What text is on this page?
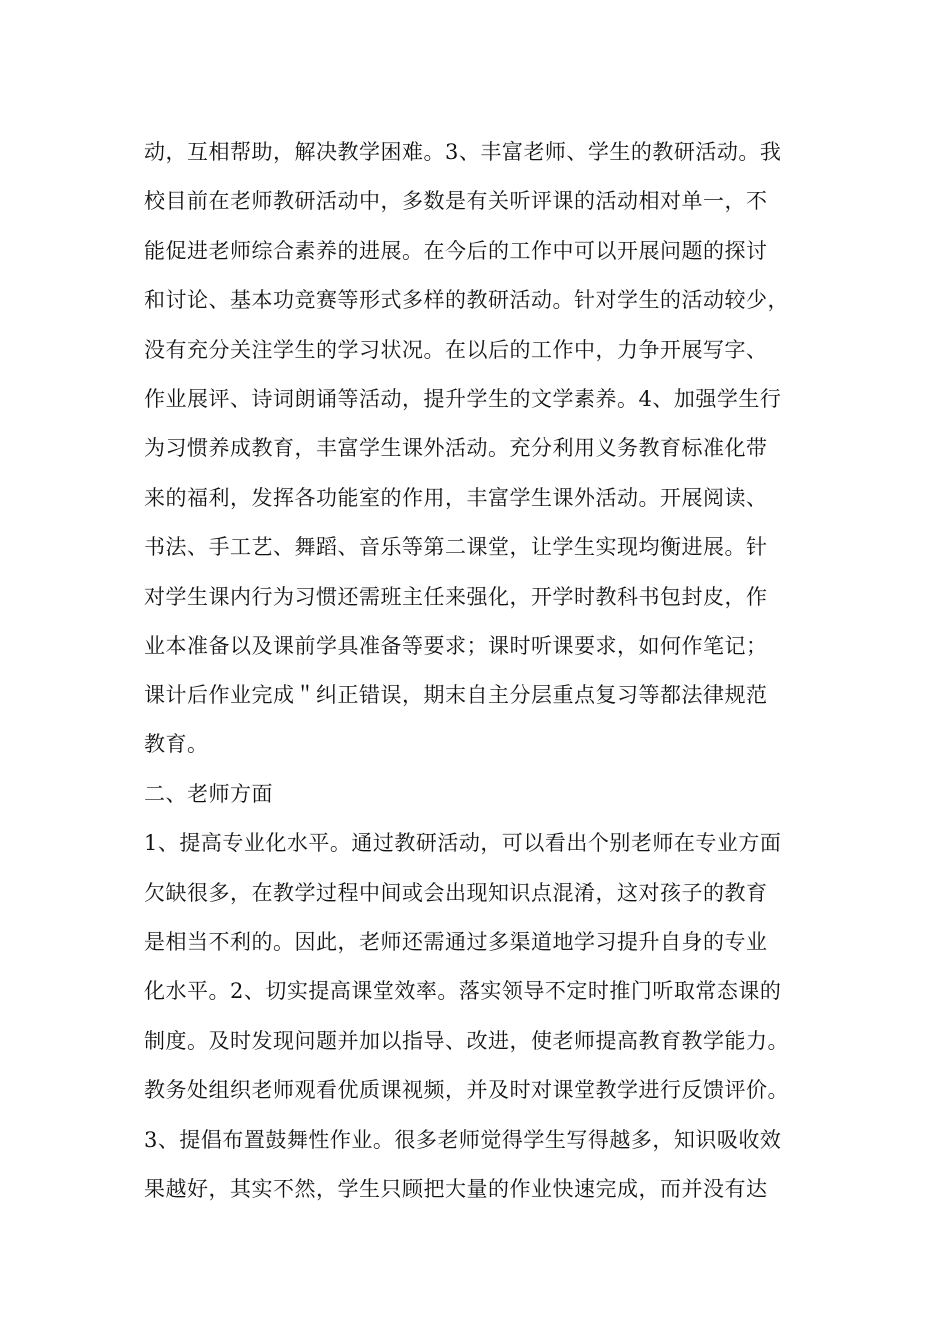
动，互相帮助，解决教学困难。3、丰富老师、学生的教研活动。我
校目前在老师教研活动中，多数是有关听评课的活动相对单一，不
能促进老师综合素养的进展。在今后的工作中可以开展问题的探讨
和讨论、基本功竞赛等形式多样的教研活动。针对学生的活动较少，
没有充分关注学生的学习状况。在以后的工作中，力争开展写字、
作业展评、诗词朗诵等活动，提升学生的文学素养。4、加强学生行
为习惯养成教育，丰富学生课外活动。充分利用义务教育标准化带
来的福利，发挥各功能室的作用，丰富学生课外活动。开展阅读、
书法、手工艺、舞蹈、音乐等第二课堂，让学生实现均衡进展。针
对学生课内行为习惯还需班主任来强化，开学时教科书包封皮，作
业本准备以及课前学具准备等要求；课时听课要求，如何作笔记；
课计后作业完成＂纠正错误，期末自主分层重点复习等都法律规范
教育。
二、老师方面
1、提高专业化水平。通过教研活动，可以看出个别老师在专业方面
欠缺很多，在教学过程中间或会出现知识点混淆，这对孩子的教育
是相当不利的。因此，老师还需通过多渠道地学习提升自身的专业
化水平。2、切实提高课堂效率。落实领导不定时推门听取常态课的
制度。及时发现问题并加以指导、改进，使老师提高教育教学能力。
教务处组织老师观看优质课视频，并及时对课堂教学进行反馈评价。
3、提倡布置鼓舞性作业。很多老师觉得学生写得越多，知识吸收效
果越好，其实不然，学生只顾把大量的作业快速完成，而并没有达
